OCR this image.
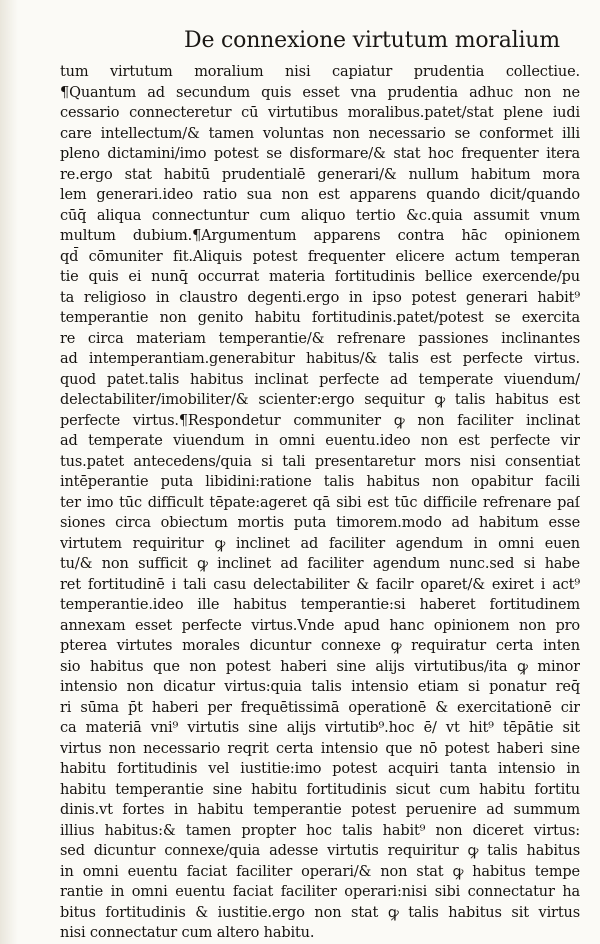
De connexione virtutum moralium
tum virtutum moralium nisi capiatur prudentia collectiue.
¶Quantum ad secundum quis esset vna prudentia adhuc non ne
cessario connecteretur cū virtutibus moralibus.patet/stat plene iudi
care intellectum/& tamen voluntas non necessario se conformet illi
pleno dictamini/imo potest se disformare/& stat hoc frequenter itera
re.ergo stat habitū prudentialē generari/& nullum habitum mora
lem generari.ideo ratio sua non est apparens quando dicit/quando
cūq̄ aliqua connectuntur cum aliquo tertio &c.quia assumit vnum
multum dubium.¶Argumentum apparens contra hāc opinionem
qd̄ cōmuniter fit.Aliquis potest frequenter elicere actum temperan
tie quis ei nunq̄ occurrat materia fortitudinis bellice exercende/pu
ta religioso in claustro degenti.ergo in ipso potest generari habit⁹
temperantie non genito habitu fortitudinis.patet/potest se exercita
re circa materiam temperantie/& refrenare passiones inclinantes
ad intemperantiam.generabitur habitus/& talis est perfecte virtus.
quod patet.talis habitus inclinat perfecte ad temperate viuendum/
delectabiliter/imobiliter/& scienter:ergo sequitur ꝙ talis habitus est
perfecte virtus.¶Respondetur communiter ꝙ non faciliter inclinat
ad temperate viuendum in omni euentu.ideo non est perfecte vir
tus.patet antecedens/quia si tali presentaretur mors nisi consentiat
intēperantie puta libidini:ratione talis habitus non opabitur facili
ter imo tūc difficult tēpate:ageret qā sibi est tūc difficile refrenare paſ
siones circa obiectum mortis puta timorem.modo ad habitum esse
virtutem requiritur ꝙ inclinet ad faciliter agendum in omni euen
tu/& non sufficit ꝙ inclinet ad faciliter agendum nunc.sed si habe
ret fortitudinē i tali casu delectabiliter & facilr oparet/& exiret i act⁹
temperantie.ideo ille habitus temperantie:si haberet fortitudinem
annexam esset perfecte virtus.Vnde apud hanc opinionem non pro
pterea virtutes morales dicuntur connexe ꝙ requiratur certa inten
sio habitus que non potest haberi sine alijs virtutibus/ita ꝙ minor
intensio non dicatur virtus:quia talis intensio etiam si ponatur req̄
ri sūma p̄t haberi per frequētissimā operationē & exercitationē cir
ca materiā vni⁹ virtutis sine alijs virtutib⁹.hoc ē/ vt hit⁹ tēpātie sit
virtus non necessario reqrit certa intensio que nō potest haberi sine
habitu fortitudinis vel iustitie:imo potest acquiri tanta intensio in
habitu temperantie sine habitu fortitudinis sicut cum habitu fortitu
dinis.vt fortes in habitu temperantie potest peruenire ad summum
illius habitus:& tamen propter hoc talis habit⁹ non diceret virtus:
sed dicuntur connexe/quia adesse virtutis requiritur ꝙ talis habitus
in omni euentu faciat faciliter operari/& non stat ꝙ habitus tempe
rantie in omni euentu faciat faciliter operari:nisi sibi connectatur ha
bitus fortitudinis & iustitie.ergo non stat ꝙ talis habitus sit virtus
nisi connectatur cum altero habitu.
